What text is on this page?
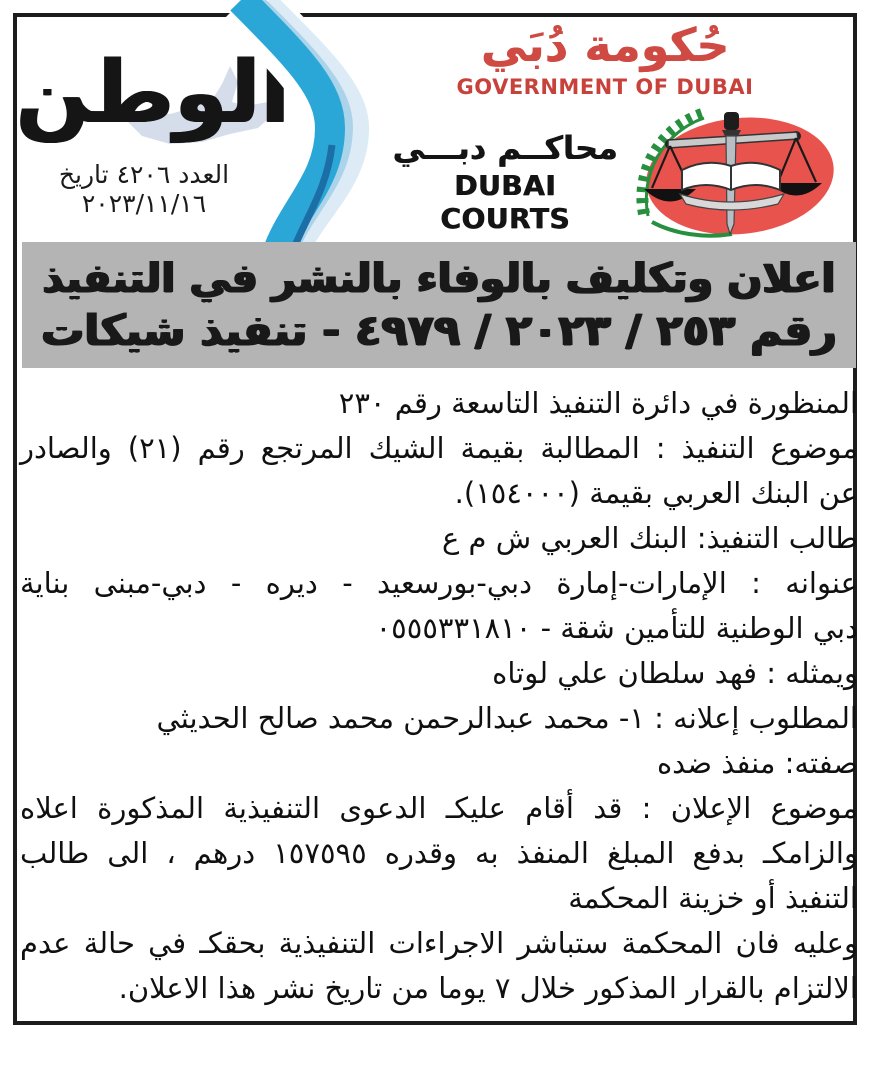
الوطن
العدد ٤٢٠٦ تاريخ ٢٠٢٣/١١/١٦
حُكومة دُبَي
GOVERNMENT OF DUBAI
محاكــم دبـــي
DUBAI COURTS
اعلان وتكليف بالوفاء بالنشر في التنفيذ
رقم ٢٥٣ / ٢٠٢٣ / ٤٩٧٩ - تنفيذ شيكات
المنظورة في دائرة التنفيذ التاسعة رقم ٢٣٠
موضوع التنفيذ : المطالبة بقيمة الشيك المرتجع رقم (٢١) والصادر
عن البنك العربي بقيمة (١٥٤٠٠٠).
طالب التنفيذ: البنك العربي ش م ع
عنوانه : الإمارات-إمارة دبي-بورسعيد - ديره - دبي-مبنى بناية
دبي الوطنية للتأمين شقة - ٠٥٥٥٣٣١٨١٠
ويمثله : فهد سلطان علي لوتاه
المطلوب إعلانه : ١- محمد عبدالرحمن محمد صالح الحديثي
صفته: منفذ ضده
موضوع الإعلان : قد أقام عليكـ الدعوى التنفيذية المذكورة اعلاه
والزامكـ بدفع المبلغ المنفذ به وقدره ١٥٧٥٩٥ درهم ، الى طالب
التنفيذ أو خزينة المحكمة
وعليه فان المحكمة ستباشر الاجراءات التنفيذية بحقكـ في حالة عدم
الالتزام بالقرار المذكور خلال ٧ يوما من تاريخ نشر هذا الاعلان.
